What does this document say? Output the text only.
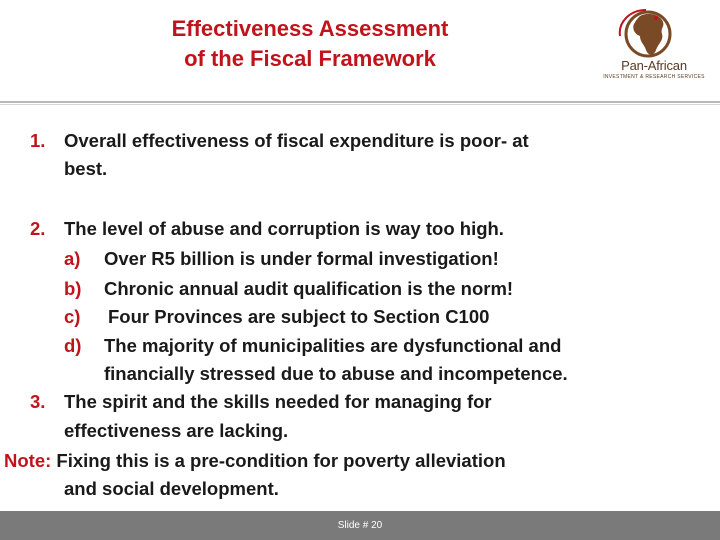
Effectiveness Assessment
of the Fiscal Framework	Pan-African
INVESTMENT & RESEARCH SERVICES
1. Overall effectiveness of fiscal expenditure is poor- at
best.
2. The level of abuse and corruption is way too high.
a) Over R5 billion is under formal investigation!
b) Chronic annual audit qualification is the norm!
c) Four Provinces are subject to Section C100
d) The majority of municipalities are dysfunctional and
financially stressed due to abuse and incompetence.
3. The spirit and the skills needed for managing for
effectiveness are lacking.
Note: Fixing this is a pre-condition for poverty alleviation
and social development.
Slide # 20
